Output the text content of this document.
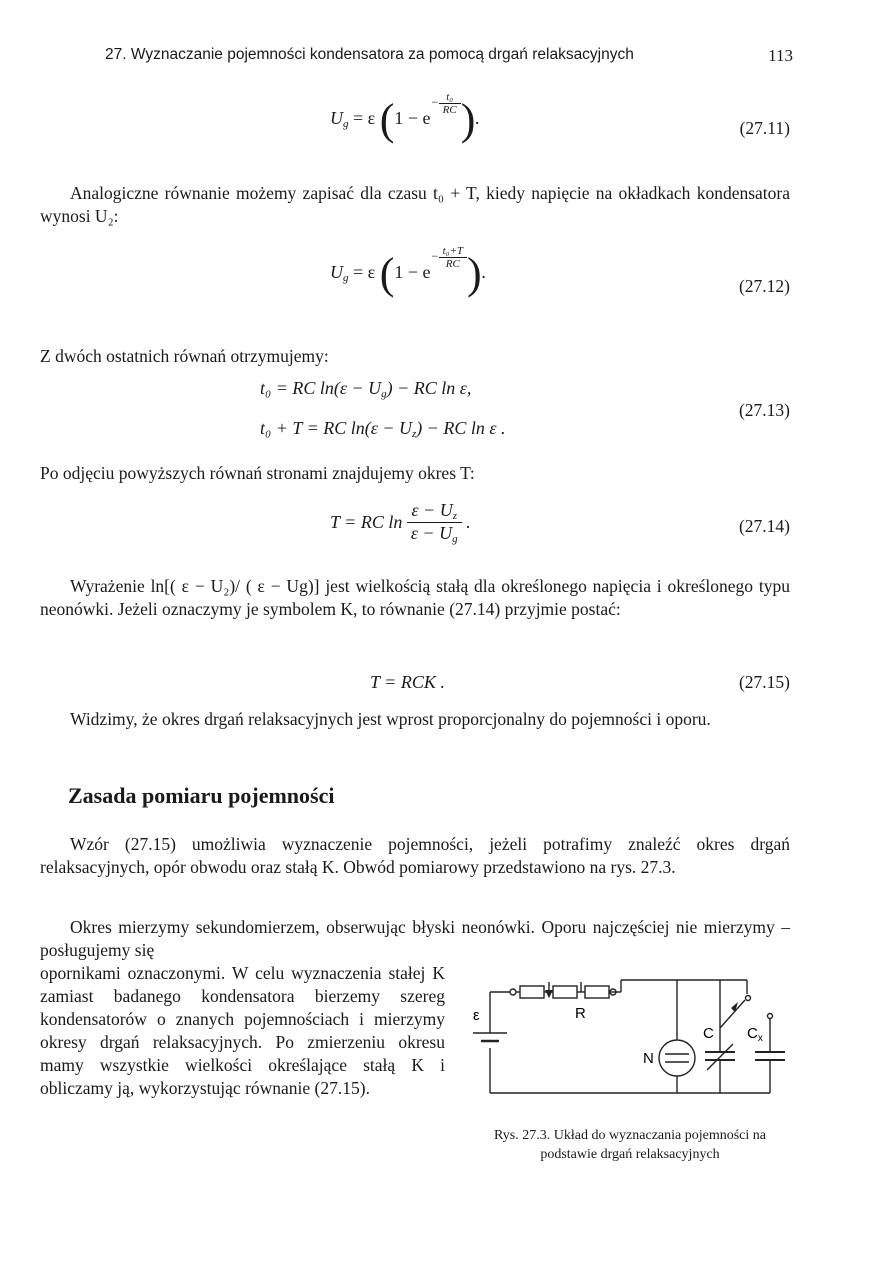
27. Wyznaczanie pojemności kondensatora za pomocą drgań relaksacyjnych	113
$U_g = \varepsilon$ ($1 - e^{- \frac{\text{t₀}}{RC}}$ ).	(27.11)
Analogiczne równanie możemy zapisać dla czasu t₀ + T, kiedy napięcie na okładkach kondensatora wynosi U₂:
$U_g = \varepsilon$ ($1 - e^{- \frac{\text{t₀+T}}{RC}}$ ).
(27.12)
Z dwóch ostatnich równań otrzymujemy:
t₀ = RC $\ln(\varepsilon - U_g)$ − RC ln ε,
t₀ + T = RC $\ln(\varepsilon - U_z)$ − RC ln ε .
(27.13)
Po odjęciu powyższych równań stronami znajdujemy okres T:
T = RC $\ln \frac{\varepsilon - U_z}{\varepsilon - U_g}$ .	(27.14)
Wyrażenie ln[( ε − U₂)/ ( ε − Ug)] jest wielkością stałą dla określonego napięcia i określonego typu neonówki. Jeżeli oznaczymy je symbolem K, to równanie (27.14) przyjmie postać:
T = RCK .	(27.15)
Widzimy, że okres drgań relaksacyjnych jest wprost proporcjonalny do pojemności i oporu.
Zasada pomiaru pojemności
Wzór (27.15) umożliwia wyznaczenie pojemności, jeżeli potrafimy znaleźć okres drgań relaksacyjnych, opór obwodu oraz stałą K. Obwód pomiarowy przedstawiono na rys. 27.3.
Okres mierzymy sekundomierzem, obserwując błyski neonówki. Oporu najczęściej nie mierzymy – posługujemy się
opornikami oznaczonymi. W celu wyznaczenia stałej K zamiast badanego kondensatora bierzemy szereg kondensatorów o znanych pojemnościach i mierzymy okresy drgań relaksacyjnych. Po zmierzeniu okresu mamy wszystkie wielkości określające stałą K i obliczamy ją, wykorzystując równanie (27.15).
ε	R
N
C $C_x$
Rys. 27.3. Układ do wyznaczania pojemności na podstawie drgań relaksacyjnych
